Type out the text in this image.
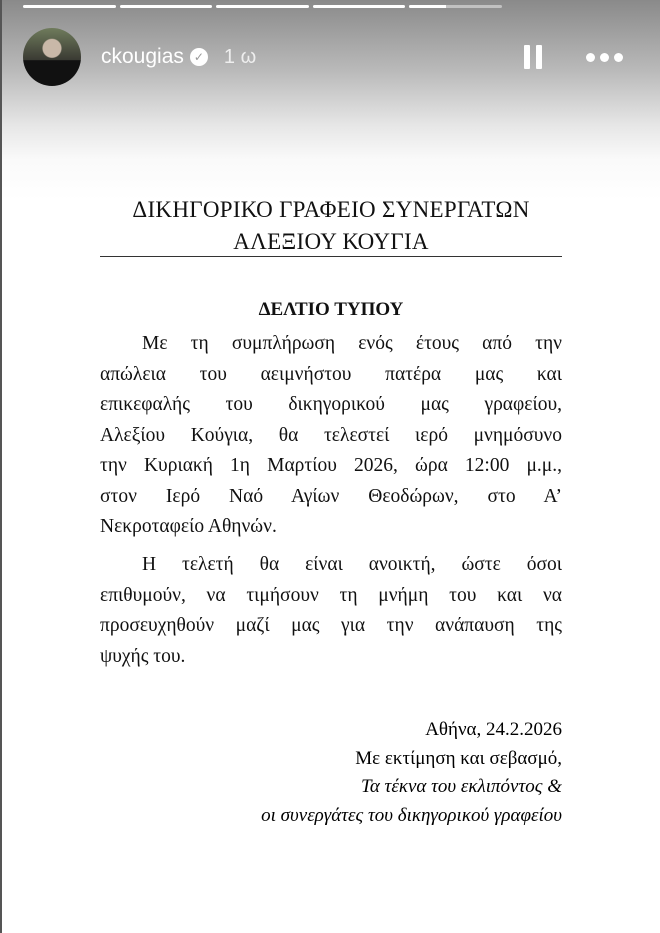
ckougias ✓ 1 ω
ΔΙΚΗΓΟΡΙΚΟ ΓΡΑΦΕΙΟ ΣΥΝΕΡΓΑΤΩΝ
ΑΛΕΞΙΟΥ ΚΟΥΓΙΑ
ΔΕΛΤΙΟ ΤΥΠΟΥ
Με τη συμπλήρωση ενός έτους από την
απώλεια του αειμνήστου πατέρα μας και
επικεφαλής του δικηγορικού μας γραφείου,
Αλεξίου Κούγια, θα τελεστεί ιερό μνημόσυνο
την Κυριακή 1η Μαρτίου 2026, ώρα 12:00 μ.μ.,
στον Ιερό Ναό Αγίων Θεοδώρων, στο Α’
Νεκροταφείο Αθηνών.
Η τελετή θα είναι ανοικτή, ώστε όσοι
επιθυμούν, να τιμήσουν τη μνήμη του και να
προσευχηθούν μαζί μας για την ανάπαυση της
ψυχής του.
Αθήνα, 24.2.2026
Με εκτίμηση και σεβασμό,
Τα τέκνα του εκλιπόντος &
οι συνεργάτες του δικηγορικού γραφείου
